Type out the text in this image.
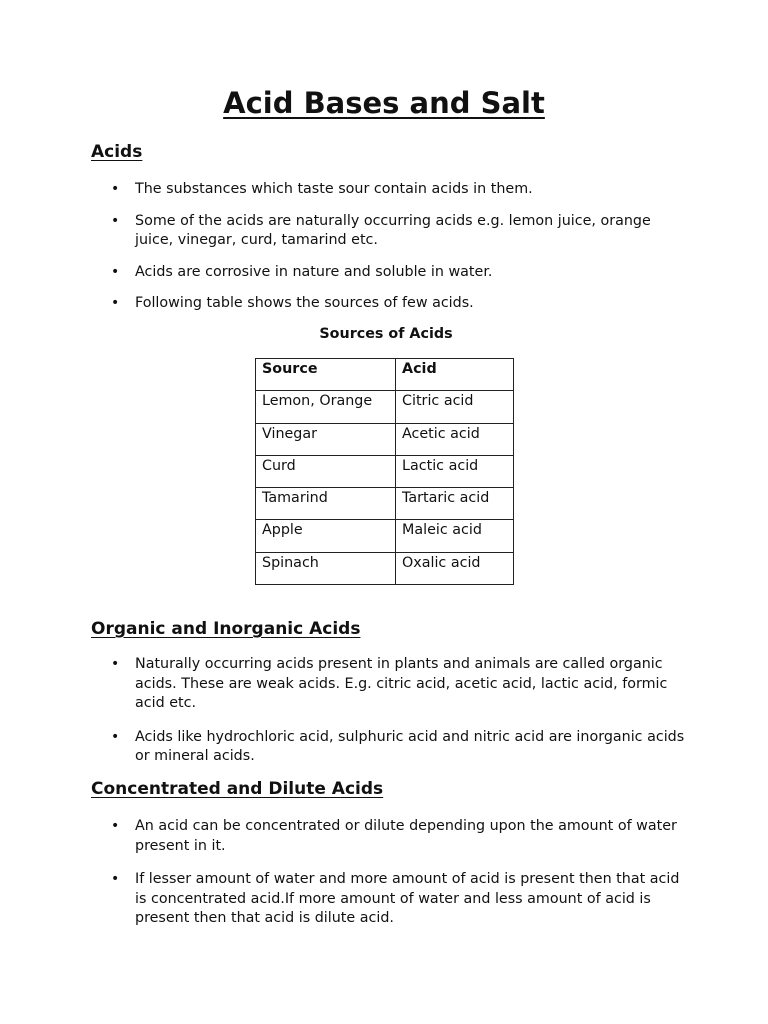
Acid Bases and Salt
Acids
• The substances which taste sour contain acids in them.
• Some of the acids are naturally occurring acids e.g. lemon juice, orange juice, vinegar, curd, tamarind etc.
• Acids are corrosive in nature and soluble in water.
• Following table shows the sources of few acids.

Sources of Acids

Source	Acid
Lemon, Orange	Citric acid
Vinegar	Acetic acid
Curd	Lactic acid
Tamarind	Tartaric acid
Apple	Maleic acid
Spinach	Oxalic acid
Organic and Inorganic Acids
• Naturally occurring acids present in plants and animals are called organic acids. These are weak acids. E.g. citric acid, acetic acid, lactic acid, formic acid etc.
• Acids like hydrochloric acid, sulphuric acid and nitric acid are inorganic acids or mineral acids.
Concentrated and Dilute Acids
• An acid can be concentrated or dilute depending upon the amount of water present in it.
• If lesser amount of water and more amount of acid is present then that acid is concentrated acid.If more amount of water and less amount of acid is present then that acid is dilute acid.
